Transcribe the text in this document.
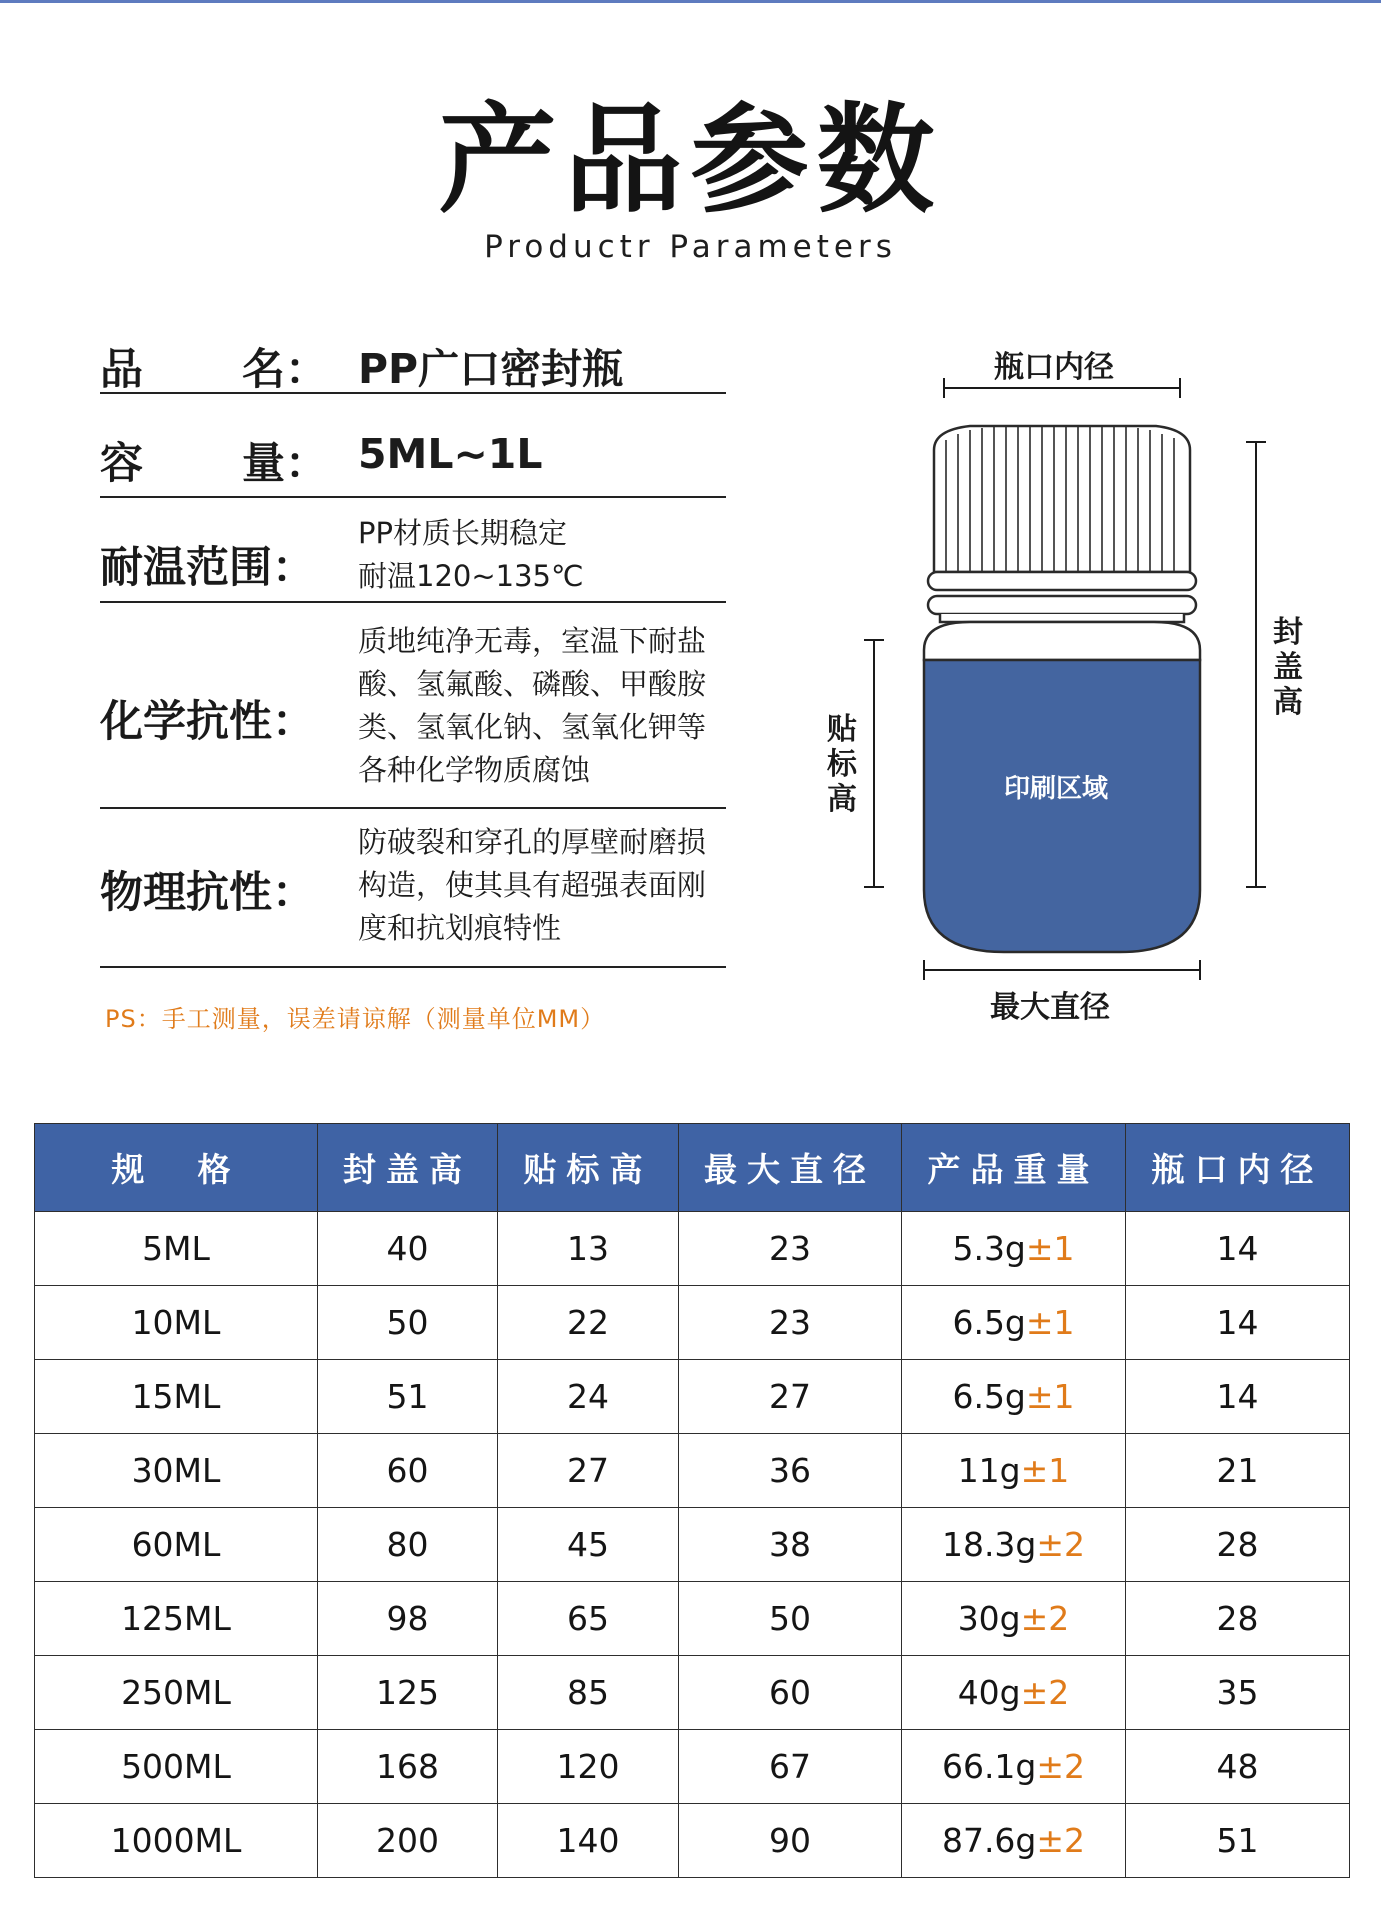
产品参数
Productr Parameters
品 名： PP广口密封瓶
容 量： 5ML~1L
耐温范围：
PP材质长期稳定
耐温120~135℃
化学抗性：
质地纯净无毒，室温下耐盐
酸、氢氟酸、磷酸、甲酸胺
类、氢氧化钠、氢氧化钾等
各种化学物质腐蚀
物理抗性：
防破裂和穿孔的厚壁耐磨损
构造，使其具有超强表面刚
度和抗划痕特性
PS：手工测量，误差请谅解（测量单位MM）
瓶口内径
印刷区域
最大直径
贴
标
高
封
盖
高
规  格	封盖高	贴标高	最大直径	产品重量	瓶口内径
5ML	40	13	23	5.3g±1	14
10ML	50	22	23	6.5g±1	14
15ML	51	24	27	6.5g±1	14
30ML	60	27	36	11g±1	21
60ML	80	45	38	18.3g±2	28
125ML	98	65	50	30g±2	28
250ML	125	85	60	40g±2	35
500ML	168	120	67	66.1g±2	48
1000ML	200	140	90	87.6g±2	51
